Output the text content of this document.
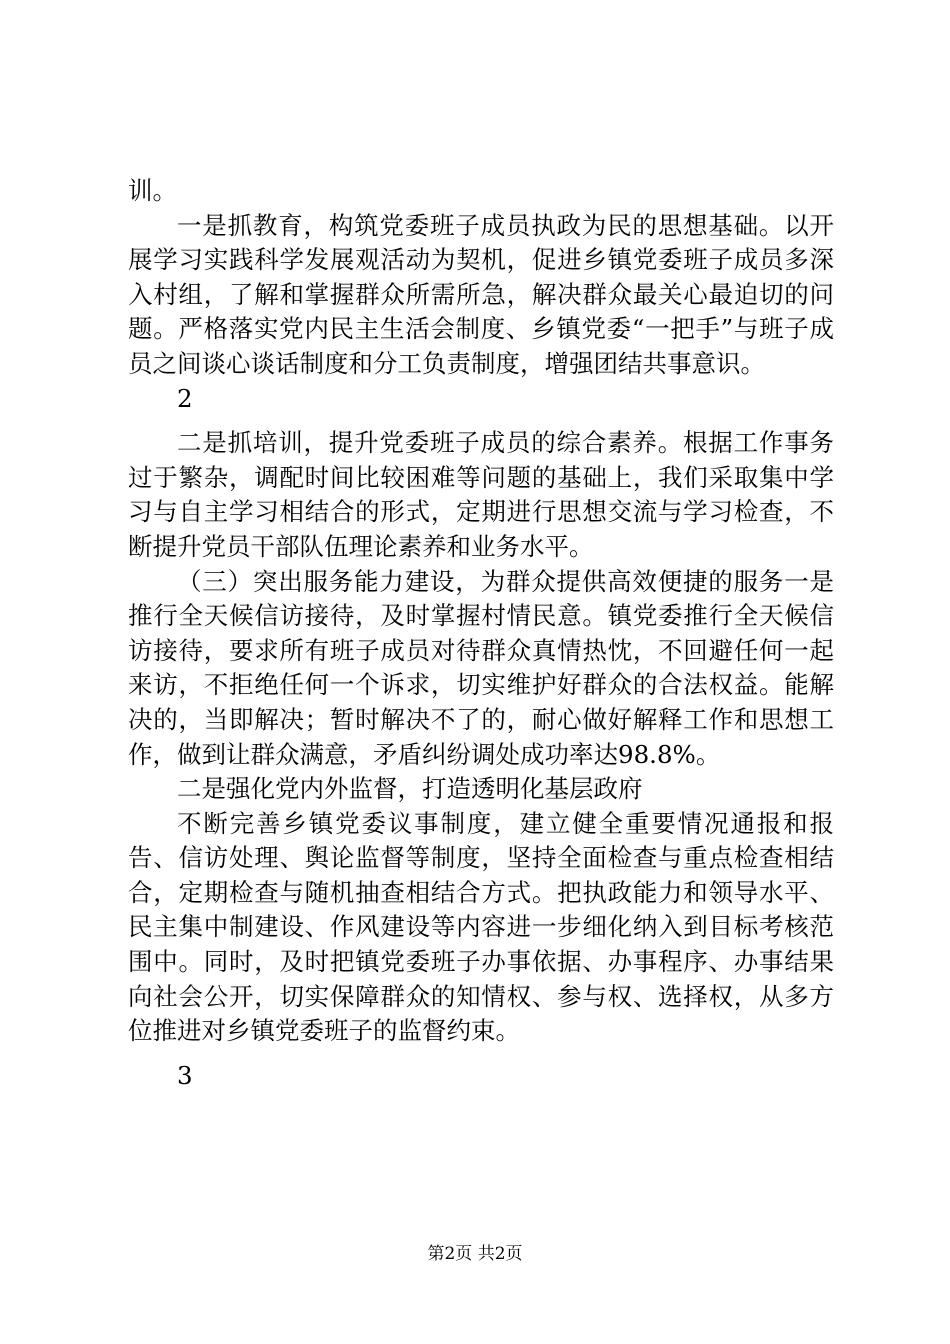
训。

一是抓教育，构筑党委班子成员执政为民的思想基础。以开展学习实践科学发展观活动为契机，促进乡镇党委班子成员多深入村组，了解和掌握群众所需所急，解决群众最关心最迫切的问题。严格落实党内民主生活会制度、乡镇党委“一把手”与班子成员之间谈心谈话制度和分工负责制度，增强团结共事意识。

2

二是抓培训，提升党委班子成员的综合素养。根据工作事务过于繁杂，调配时间比较困难等问题的基础上，我们采取集中学习与自主学习相结合的形式，定期进行思想交流与学习检查，不断提升党员干部队伍理论素养和业务水平。

（三）突出服务能力建设，为群众提供高效便捷的服务一是推行全天候信访接待，及时掌握村情民意。镇党委推行全天候信访接待，要求所有班子成员对待群众真情热忱，不回避任何一起来访，不拒绝任何一个诉求，切实维护好群众的合法权益。能解决的，当即解决；暂时解决不了的，耐心做好解释工作和思想工作，做到让群众满意，矛盾纠纷调处成功率达98.8%。

二是强化党内外监督，打造透明化基层政府

不断完善乡镇党委议事制度，建立健全重要情况通报和报告、信访处理、舆论监督等制度，坚持全面检查与重点检查相结合，定期检查与随机抽查相结合方式。把执政能力和领导水平、民主集中制建设、作风建设等内容进一步细化纳入到目标考核范围中。同时，及时把镇党委班子办事依据、办事程序、办事结果向社会公开，切实保障群众的知情权、参与权、选择权，从多方位推进对乡镇党委班子的监督约束。

3

第2页 共2页
